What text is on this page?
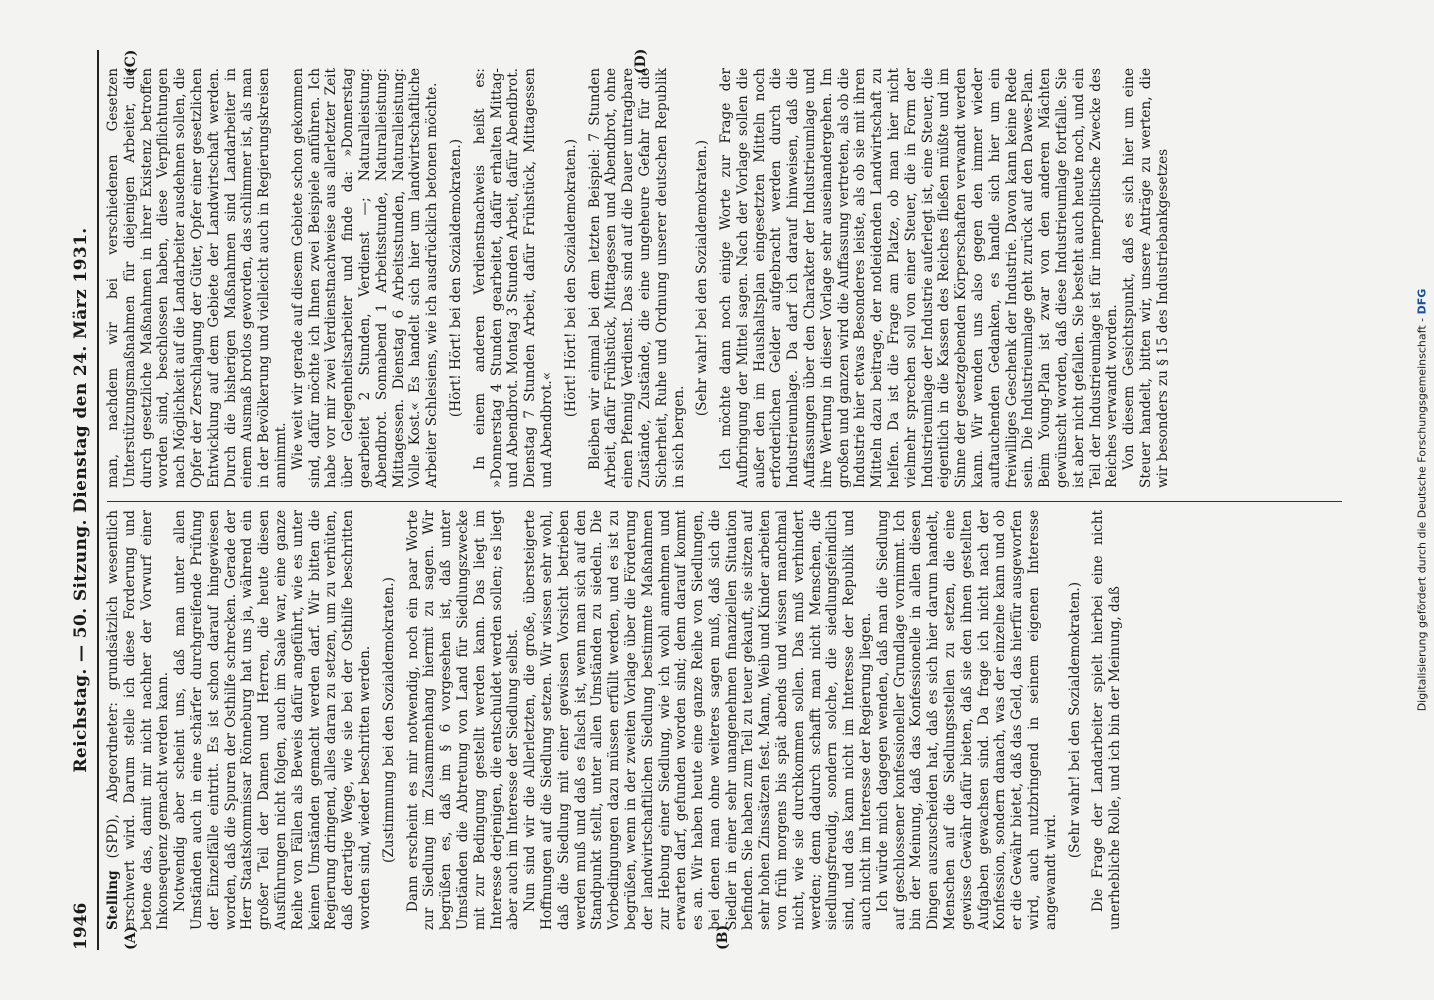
1946
Reichstag. — 50. Sitzung. Dienstag den 24. März 1931.

Stelling (SPD), Abgeordneter: grundsätzlich wesentlich erschwert wird. Darum stelle ich diese Forderung und betone das, damit mir nicht nachher der Vorwurf einer Inkonsequenz gemacht werden kann. Notwendig aber scheint uns, daß man unter allen Umständen auch in eine schärfer durchgreifende Prüfung der Einzelfälle eintritt. Es ist schon darauf hingewiesen worden, daß die Spuren der Osthilfe schrecken. Gerade der Herr Staatskommissar Rönneburg hat uns ja, während ein großer Teil der Damen und Herren, die heute diesen Ausführungen nicht folgen, auch im Saale war, eine ganze Reihe von Fällen als Beweis dafür angeführt, wie es unter keinen Umständen gemacht werden darf. Wir bitten die Regierung dringend, alles daran zu setzen, um zu verhüten, daß derartige Wege, wie sie bei der Osthilfe beschritten worden sind, wieder beschritten werden. (Zustimmung bei den Sozialdemokraten.) Dann erscheint es mir notwendig, noch ein paar Worte zur Siedlung im Zusammenhang hiermit zu sagen. Wir begrüßen es, daß im § 6 vorgesehen ist, daß unter Umständen die Abtretung von Land für Siedlungszwecke mit zur Bedingung gestellt werden kann. Das liegt im Interesse derjenigen, die entschuldet werden sollen; es liegt aber auch im Interesse der Siedlung selbst. Nun sind wir die Allerletzten, die große, übersteigerte Hoffnungen auf die Siedlung setzen. Wir wissen sehr wohl, daß die Siedlung mit einer gewissen Vorsicht betrieben werden muß und daß es falsch ist, wenn man sich auf den Standpunkt stellt, unter allen Umständen zu siedeln. Die Vorbedingungen dazu müssen erfüllt werden, und es ist zu begrüßen, wenn in der zweiten Vorlage über die Förderung der landwirtschaftlichen Siedlung bestimmte Maßnahmen zur Hebung einer Siedlung, wie ich wohl annehmen und erwarten darf, gefunden worden sind; denn darauf kommt es an. Wir haben heute eine ganze Reihe von Siedlungen, bei denen man ohne weiteres sagen muß, daß sich die Siedler in einer sehr unangenehmen finanziellen Situation befinden. Sie haben zum Teil zu teuer gekauft, sie sitzen auf sehr hohen Zinssätzen fest. Mann, Weib und Kinder arbeiten von früh morgens bis spät abends und wissen manchmal nicht, wie sie durchkommen sollen. Das muß verhindert werden; denn dadurch schafft man nicht Menschen, die siedlungsfreudig, sondern solche, die siedlungsfeindlich sind, und das kann nicht im Interesse der Republik und auch nicht im Interesse der Regierung liegen. Ich würde mich dagegen wenden, daß man die Siedlung auf geschlossener konfessioneller Grundlage vornimmt. Ich bin der Meinung, daß das Konfessionelle in allen diesen Dingen auszuscheiden hat, daß es sich hier darum handelt, Menschen auf die Siedlungsstellen zu setzen, die eine gewisse Gewähr dafür bieten, daß sie den ihnen gestellten Aufgaben gewachsen sind. Da frage ich nicht nach der Konfession, sondern danach, was der einzelne kann und ob er die Gewähr bietet, daß das Geld, das hierfür ausgeworfen wird, auch nutzbringend in seinem eigenen Interesse angewandt wird.

(Sehr wahr! bei den Sozialdemokraten.) Die Frage der Landarbeiter spielt hierbei eine nicht unerhebliche Rolle, und ich bin der Meinung, daß

man, nachdem wir bei verschiedenen Gesetzen Unterstützungsmaßnahmen für diejenigen Arbeiter, die durch gesetzliche Maßnahmen in ihrer Existenz betroffen worden sind, beschlossen haben, diese Verpflichtungen nach Möglichkeit auf die Landarbeiter ausdehnen sollen, die Opfer der Zerschlagung der Güter, Opfer einer gesetzlichen Entwicklung auf dem Gebiete der Landwirtschaft werden. Durch die bisherigen Maßnahmen sind Landarbeiter in einem Ausmaß brotlos geworden, das schlimmer ist, als man in der Bevölkerung und vielleicht auch in Regierungskreisen annimmt. Wie weit wir gerade auf diesem Gebiete schon gekommen sind, dafür möchte ich Ihnen zwei Beispiele anführen. Ich habe vor mir zwei Verdienstnachweise aus allerletzter Zeit über Gelegenheitsarbeiter und finde da: »Donnerstag gearbeitet 2 Stunden, Verdienst —; Naturalleistung: Abendbrot. Sonnabend 1 Arbeitsstunde, Naturalleistung: Mittagessen. Dienstag 6 Arbeitsstunden, Naturalleistung: Volle Kost.« Es handelt sich hier um landwirtschaftliche Arbeiter Schlesiens, wie ich ausdrücklich betonen möchte. (Hört! Hört! bei den Sozialdemokraten.) In einem anderen Verdienstnachweis heißt es: »Donnerstag 4 Stunden gearbeitet, dafür erhalten Mittag- und Abendbrot. Montag 3 Stunden Arbeit, dafür Abendbrot. Dienstag 7 Stunden Arbeit, dafür Frühstück, Mittagessen und Abendbrot.«

(Hört! Hört! bei den Sozialdemokraten.) Bleiben wir einmal bei dem letzten Beispiel: 7 Stunden Arbeit, dafür Frühstück, Mittagessen und Abendbrot, ohne einen Pfennig Verdienst. Das sind auf die Dauer untragbare Zustände, Zustände, die eine ungeheure Gefahr für die Sicherheit, Ruhe und Ordnung unserer deutschen Republik in sich bergen.

(Sehr wahr! bei den Sozialdemokraten.) Ich möchte dann noch einige Worte zur Frage der Aufbringung der Mittel sagen. Nach der Vorlage sollen die außer den im Haushaltsplan eingesetzten Mitteln noch erforderlichen Gelder aufgebracht werden durch die Industrieumlage. Da darf ich darauf hinweisen, daß die Auffassungen über den Charakter der Industrieumlage und ihre Wertung in dieser Vorlage sehr auseinandergehen. Im großen und ganzen wird die Auffassung vertreten, als ob die Industrie hier etwas Besonderes leiste, als ob sie mit ihren Mitteln dazu beitrage, der notleidenden Landwirtschaft zu helfen. Da ist die Frage am Platze, ob man hier nicht vielmehr sprechen soll von einer Steuer, die in Form der Industrieumlage der Industrie auferlegt ist, eine Steuer, die eigentlich in die Kassen des Reiches fließen müßte und im Sinne der gesetzgebenden Körperschaften verwandt werden kann. Wir wenden uns also gegen den immer wieder auftauchenden Gedanken, es handle sich hier um ein freiwilliges Geschenk der Industrie. Davon kann keine Rede sein. Die Industrieumlage geht zurück auf den Dawes-Plan. Beim Young-Plan ist zwar von den anderen Mächten gewünscht worden, daß diese Industrieumlage fortfalle. Sie ist aber nicht gefallen. Sie besteht auch heute noch, und ein Teil der Industrieumlage ist für innerpolitische Zwecke des Reiches verwandt worden. Von diesem Gesichtspunkt, daß es sich hier um eine Steuer handelt, bitten wir, unsere Anträge zu werten, die wir besonders zu § 15 des Industriebankgesetzes

(A)	(B)
(C)	(D)
Digitalisierung gefördert durch die Deutsche Forschungsgemeinschaft - DFG
